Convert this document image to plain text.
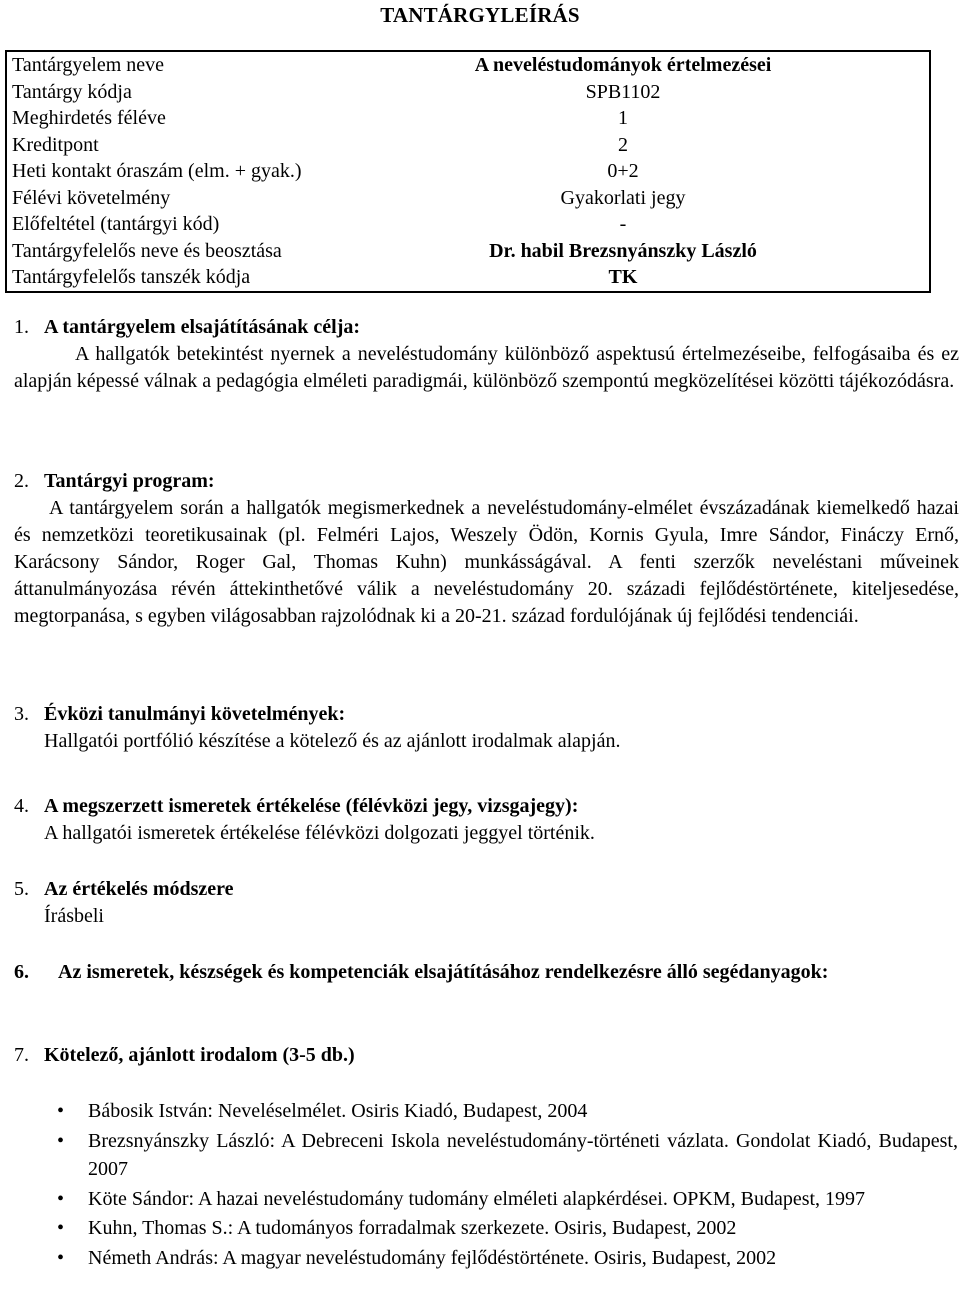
TANTÁRGYLEÍRÁS
Tantárgyelem neve	A neveléstudományok értelmezései
Tantárgy kódja	SPB1102
Meghirdetés féléve	1
Kreditpont	2
Heti kontakt óraszám (elm. + gyak.)	0+2
Félévi követelmény	Gyakorlati jegy
Előfeltétel (tantárgyi kód)	-
Tantárgyfelelős neve és beosztása	Dr. habil Brezsnyánszky László
Tantárgyfelelős tanszék kódja	TK
1. A tantárgyelem elsajátításának célja:
A hallgatók betekintést nyernek a neveléstudomány különböző aspektusú értelmezéseibe, felfogásaiba és ez alapján képessé válnak a pedagógia elméleti paradigmái, különböző szempontú megközelítései közötti tájékozódásra.
2. Tantárgyi program:
A tantárgyelem során a hallgatók megismerkednek a neveléstudomány-elmélet évszázadának kiemelkedő hazai és nemzetközi teoretikusainak (pl. Felméri Lajos, Weszely Ödön, Kornis Gyula, Imre Sándor, Fináczy Ernő, Karácsony Sándor, Roger Gal, Thomas Kuhn) munkásságával. A fenti szerzők neveléstani műveinek áttanulmányozása révén áttekinthetővé válik a neveléstudomány 20. századi fejlődéstörténete, kiteljesedése, megtorpanása, s egyben világosabban rajzolódnak ki a 20-21. század fordulójának új fejlődési tendenciái.
3. Évközi tanulmányi követelmények:
Hallgatói portfólió készítése a kötelező és az ajánlott irodalmak alapján.
4. A megszerzett ismeretek értékelése (félévközi jegy, vizsgajegy):
A hallgatói ismeretek értékelése félévközi dolgozati jeggyel történik.
5. Az értékelés módszere
Írásbeli
6. Az ismeretek, készségek és kompetenciák elsajátításához rendelkezésre álló segédanyagok:
7. Kötelező, ajánlott irodalom (3-5 db.)
• Bábosik István: Neveléselmélet. Osiris Kiadó, Budapest, 2004
• Brezsnyánszky László: A Debreceni Iskola neveléstudomány-történeti vázlata. Gondolat Kiadó, Budapest, 2007
• Köte Sándor: A hazai neveléstudomány tudomány elméleti alapkérdései. OPKM, Budapest, 1997
• Kuhn, Thomas S.: A tudományos forradalmak szerkezete. Osiris, Budapest, 2002
• Németh András: A magyar neveléstudomány fejlődéstörténete. Osiris, Budapest, 2002
